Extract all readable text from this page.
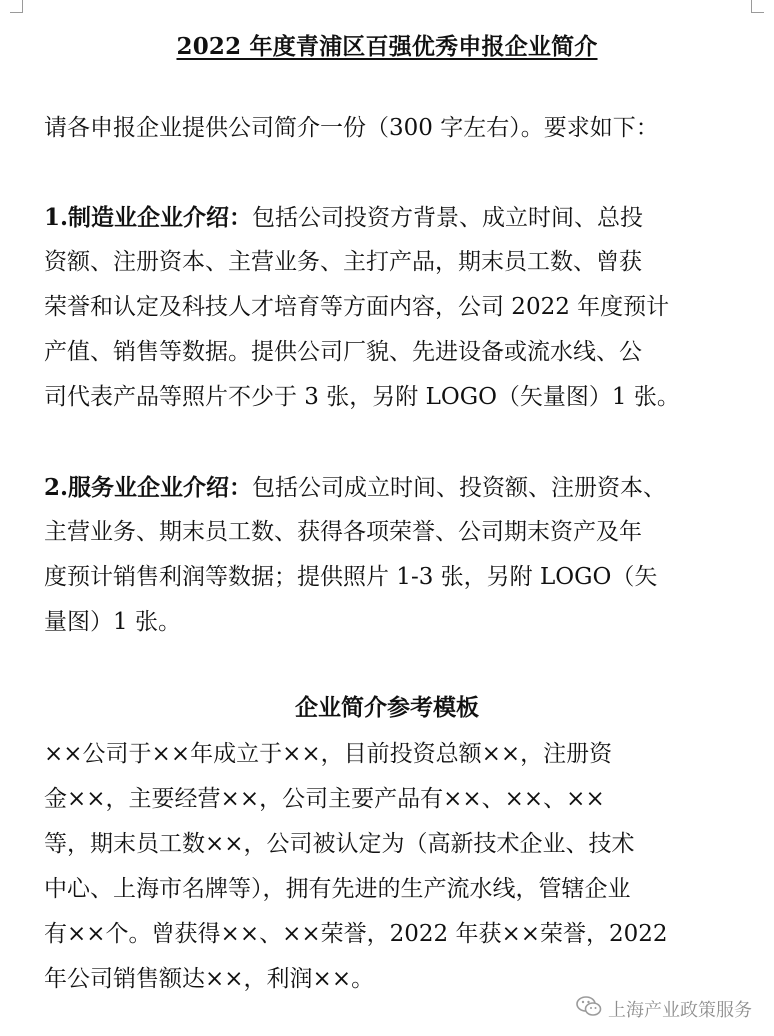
2022 年度青浦区百强优秀申报企业简介
请各申报企业提供公司简介一份（300 字左右）。要求如下：
1.制造业企业介绍：包括公司投资方背景、成立时间、总投
资额、注册资本、主营业务、主打产品，期末员工数、曾获
荣誉和认定及科技人才培育等方面内容，公司 2022 年度预计
产值、销售等数据。提供公司厂貌、先进设备或流水线、公
司代表产品等照片不少于 3 张，另附 LOGO（矢量图）1 张。
2.服务业企业介绍：包括公司成立时间、投资额、注册资本、
主营业务、期末员工数、获得各项荣誉、公司期末资产及年
度预计销售利润等数据；提供照片 1-3 张，另附 LOGO（矢
量图）1 张。
企业简介参考模板
××公司于××年成立于××，目前投资总额××，注册资
金××，主要经营××，公司主要产品有××、××、××
等，期末员工数××，公司被认定为（高新技术企业、技术
中心、上海市名牌等），拥有先进的生产流水线，管辖企业
有××个。曾获得××、××荣誉，2022 年获××荣誉，2022
年公司销售额达××，利润××。
上海产业政策服务
